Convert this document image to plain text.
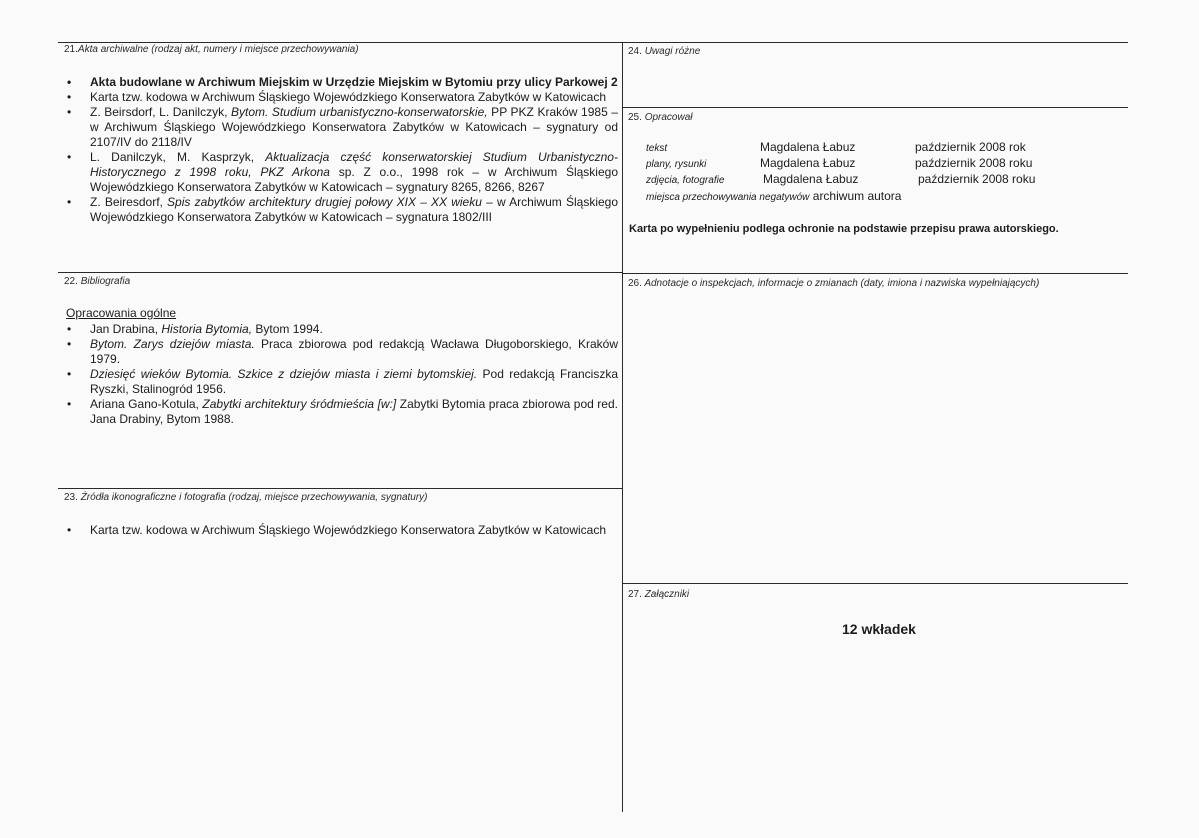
21.Akta archiwalne (rodzaj akt, numery i miejsce przechowywania)
• Akta budowlane w Archiwum Miejskim w Urzędzie Miejskim w Bytomiu przy ulicy Parkowej 2
• Karta tzw. kodowa w Archiwum Śląskiego Wojewódzkiego Konserwatora Zabytków w Katowicach
• Z. Beirsdorf, L. Danilczyk, Bytom. Studium urbanistyczno-konserwatorskie, PP PKZ Kraków 1985 – w Archiwum Śląskiego Wojewódzkiego Konserwatora Zabytków w Katowicach – sygnatury od 2107/IV do 2118/IV
• L. Danilczyk, M. Kasprzyk, Aktualizacja część konserwatorskiej Studium Urbanistyczno-Historycznego z 1998 roku, PKZ Arkona sp. Z o.o., 1998 rok – w Archiwum Śląskiego Wojewódzkiego Konserwatora Zabytków w Katowicach – sygnatury 8265, 8266, 8267
• Z. Beiresdorf, Spis zabytków architektury drugiej połowy XIX – XX wieku – w Archiwum Śląskiego Wojewódzkiego Konserwatora Zabytków w Katowicach – sygnatura 1802/III
22. Bibliografia
Opracowania ogólne
• Jan Drabina, Historia Bytomia, Bytom 1994.
• Bytom. Zarys dziejów miasta. Praca zbiorowa pod redakcją Wacława Długoborskiego, Kraków 1979.
• Dziesięć wieków Bytomia. Szkice z dziejów miasta i ziemi bytomskiej. Pod redakcją Franciszka Ryszki, Stalinogród 1956.
• Ariana Gano-Kotula, Zabytki architektury śródmieścia [w:] Zabytki Bytomia praca zbiorowa pod red. Jana Drabiny, Bytom 1988.
23. Źródła ikonograficzne i fotografia (rodzaj, miejsce przechowywania, sygnatury)
• Karta tzw. kodowa w Archiwum Śląskiego Wojewódzkiego Konserwatora Zabytków w Katowicach
24. Uwagi różne
25. Opracował
tekst	Magdalena Łabuz	październik 2008 rok
plany, rysunki	Magdalena Łabuz	październik 2008 roku
zdjęcia, fotografie	Magdalena Łabuz	październik 2008 roku
miejsca przechowywania negatywów archiwum autora
Karta po wypełnieniu podlega ochronie na podstawie przepisu prawa autorskiego.
26. Adnotacje o inspekcjach, informacje o zmianach (daty, imiona i nazwiska wypełniających)
27. Załączniki
12 wkładek
